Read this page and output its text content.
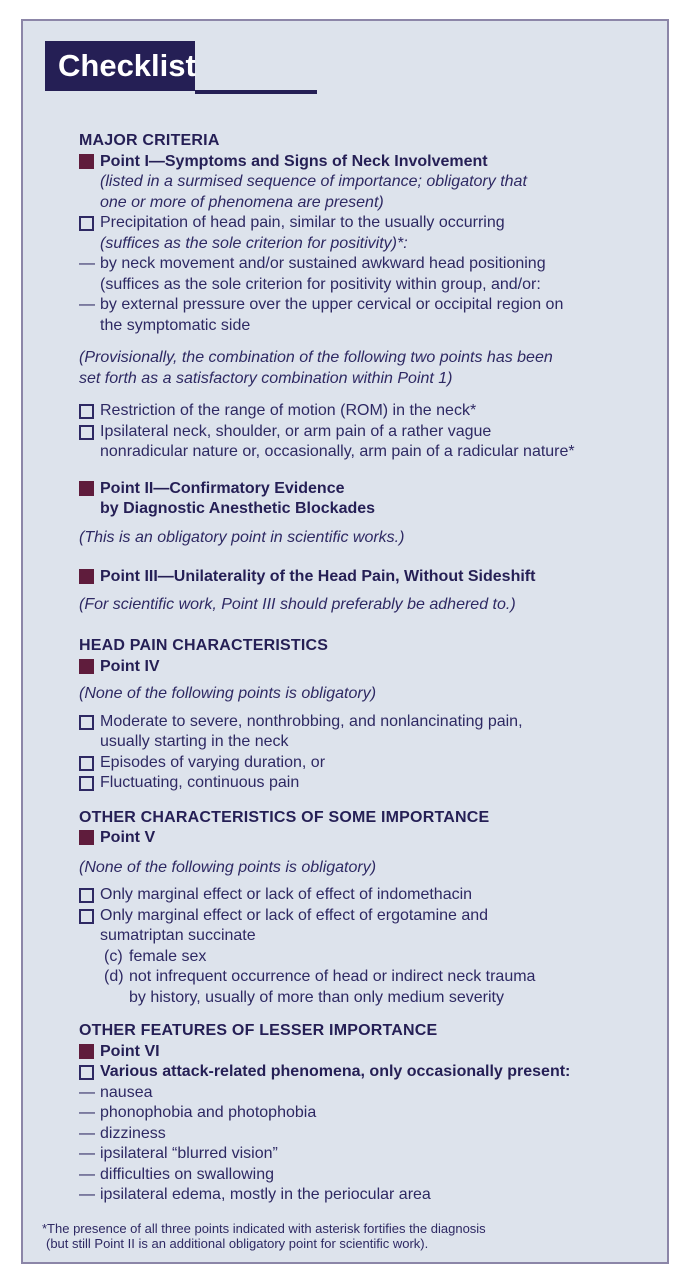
Checklist
MAJOR CRITERIA
Point I—Symptoms and Signs of Neck Involvement
(listed in a surmised sequence of importance; obligatory that
one or more of phenomena are present)
Precipitation of head pain, similar to the usually occurring
(suffices as the sole criterion for positivity)*:
— by neck movement and/or sustained awkward head positioning
(suffices as the sole criterion for positivity within group, and/or:
— by external pressure over the upper cervical or occipital region on
the symptomatic side
(Provisionally, the combination of the following two points has been
set forth as a satisfactory combination within Point 1)
Restriction of the range of motion (ROM) in the neck*
Ipsilateral neck, shoulder, or arm pain of a rather vague
nonradicular nature or, occasionally, arm pain of a radicular nature*
Point II—Confirmatory Evidence
by Diagnostic Anesthetic Blockades
(This is an obligatory point in scientific works.)
Point III—Unilaterality of the Head Pain, Without Sideshift
(For scientific work, Point III should preferably be adhered to.)
HEAD PAIN CHARACTERISTICS
Point IV
(None of the following points is obligatory)
Moderate to severe, nonthrobbing, and nonlancinating pain,
usually starting in the neck
Episodes of varying duration, or
Fluctuating, continuous pain
OTHER CHARACTERISTICS OF SOME IMPORTANCE
Point V
(None of the following points is obligatory)
Only marginal effect or lack of effect of indomethacin
Only marginal effect or lack of effect of ergotamine and
sumatriptan succinate
(c) female sex
(d) not infrequent occurrence of head or indirect neck trauma
by history, usually of more than only medium severity
OTHER FEATURES OF LESSER IMPORTANCE
Point VI
Various attack-related phenomena, only occasionally present:
— nausea
— phonophobia and photophobia
— dizziness
— ipsilateral “blurred vision”
— difficulties on swallowing
— ipsilateral edema, mostly in the periocular area
*The presence of all three points indicated with asterisk fortifies the diagnosis
(but still Point II is an additional obligatory point for scientific work).
